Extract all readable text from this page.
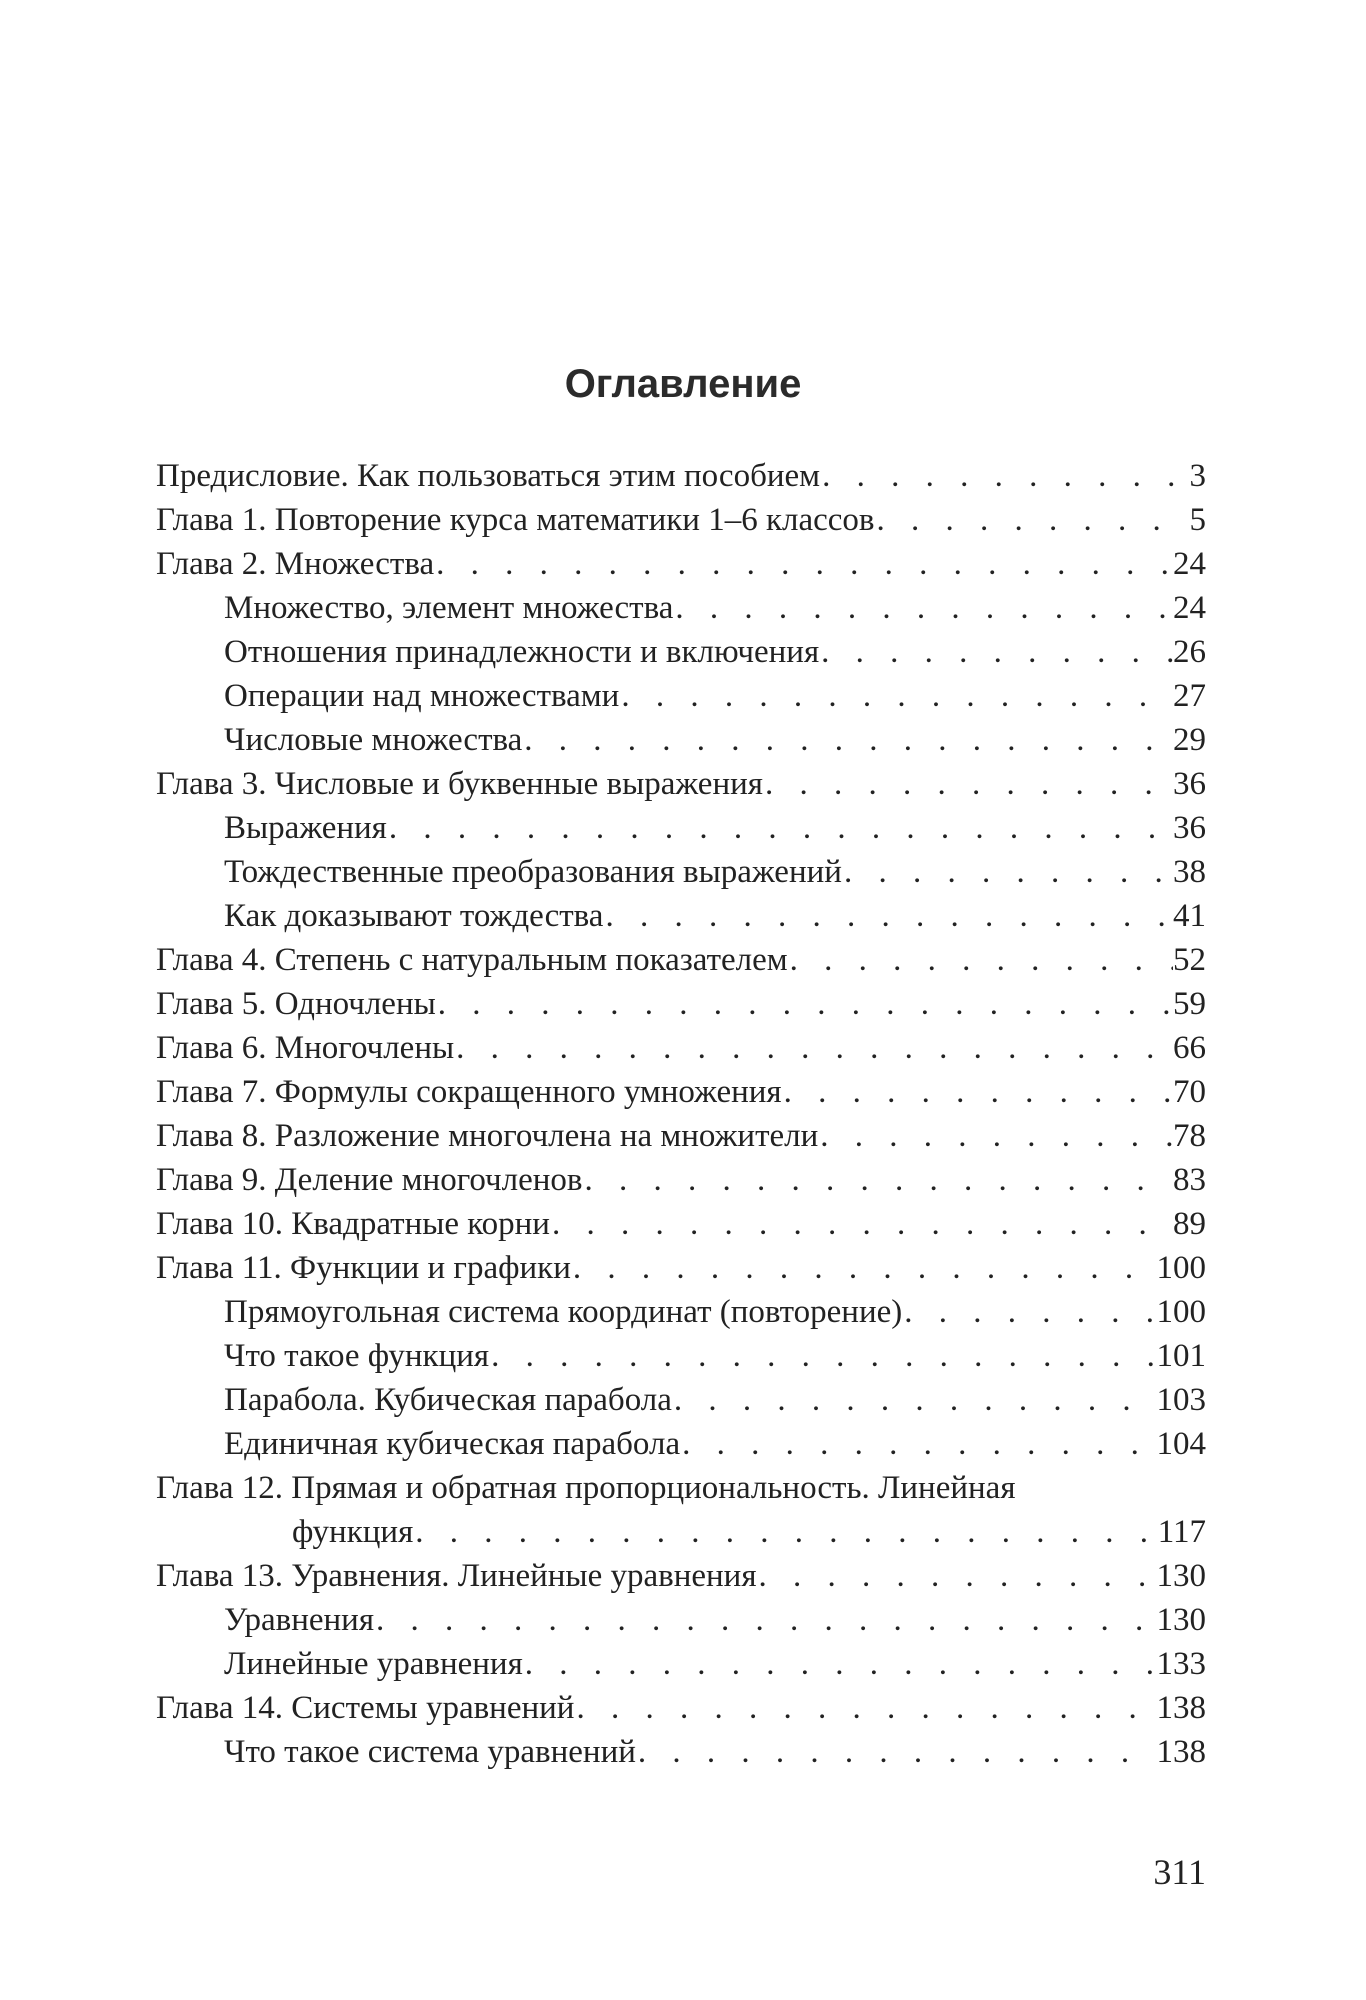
Оглавление
Предисловие. Как пользоваться этим пособием . . .	3
Глава 1. Повторение курса математики 1–6 классов . . .	5
Глава 2. Множества . . .	24
Множество, элемент множества . . .	24
Отношения принадлежности и включения . . .	26
Операции над множествами . . .	27
Числовые множества . . .	29
Глава 3. Числовые и буквенные выражения . . .	36
Выражения . . .	36
Тождественные преобразования выражений . . .	38
Как доказывают тождества . . .	41
Глава 4. Степень с натуральным показателем . . .	52
Глава 5. Одночлены . . .	59
Глава 6. Многочлены . . .	66
Глава 7. Формулы сокращенного умножения . . .	70
Глава 8. Разложение многочлена на множители . . .	78
Глава 9. Деление многочленов . . .	83
Глава 10. Квадратные корни . . .	89
Глава 11. Функции и графики . . .	100
Прямоугольная система координат (повторение) . . .	100
Что такое функция . . .	101
Парабола. Кубическая парабола . . .	103
Единичная кубическая парабола . . .	104
Глава 12. Прямая и обратная пропорциональность. Линейная
функция . . .	117
Глава 13. Уравнения. Линейные уравнения . . .	130
Уравнения . . .	130
Линейные уравнения . . .	133
Глава 14. Системы уравнений . . .	138
Что такое система уравнений . . .	138
311
